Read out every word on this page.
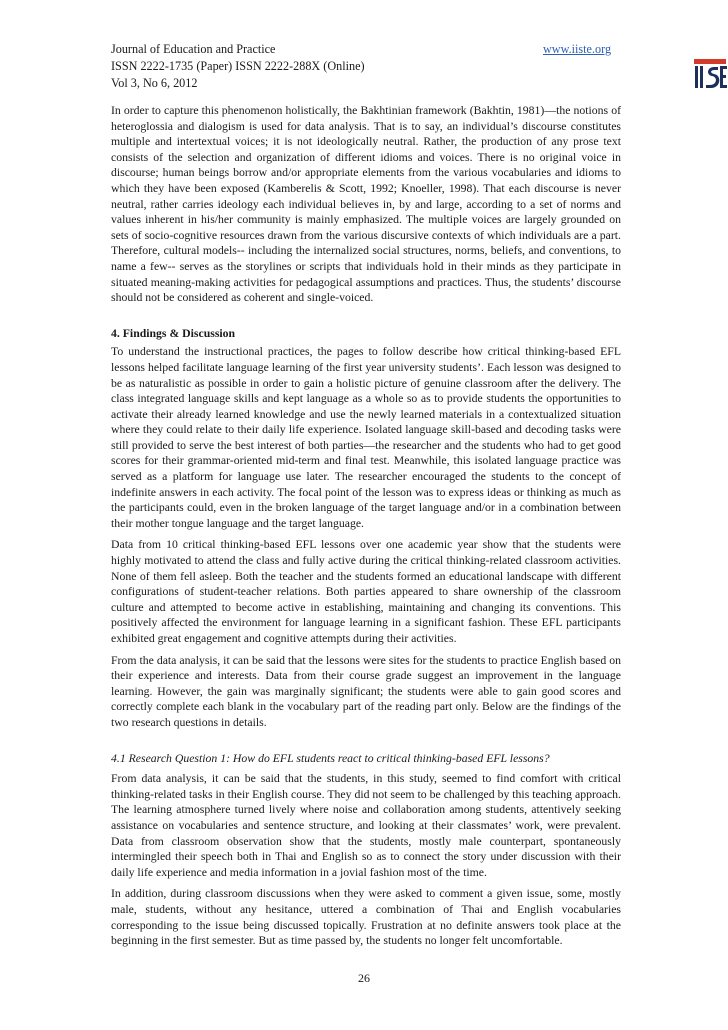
Journal of Education and Practice	www.iiste.org
ISSN 2222-1735 (Paper) ISSN 2222-288X (Online)
Vol 3, No 6, 2012

In order to capture this phenomenon holistically, the Bakhtinian framework (Bakhtin, 1981)—the notions of heteroglossia and dialogism is used for data analysis. That is to say, an individual’s discourse constitutes multiple and intertextual voices; it is not ideologically neutral. Rather, the production of any prose text consists of the selection and organization of different idioms and voices. There is no original voice in discourse; human beings borrow and/or appropriate elements from the various vocabularies and idioms to which they have been exposed (Kamberelis & Scott, 1992; Knoeller, 1998). That each discourse is never neutral, rather carries ideology each individual believes in, by and large, according to a set of norms and values inherent in his/her community is mainly emphasized. The multiple voices are largely grounded on sets of socio-cognitive resources drawn from the various discursive contexts of which individuals are a part. Therefore, cultural models-- including the internalized social structures, norms, beliefs, and conventions, to name a few-- serves as the storylines or scripts that individuals hold in their minds as they participate in situated meaning-making activities for pedagogical assumptions and practices. Thus, the students’ discourse should not be considered as coherent and single-voiced.

4. Findings & Discussion

To understand the instructional practices, the pages to follow describe how critical thinking-based EFL lessons helped facilitate language learning of the first year university students’. Each lesson was designed to be as naturalistic as possible in order to gain a holistic picture of genuine classroom after the delivery. The class integrated language skills and kept language as a whole so as to provide students the opportunities to activate their already learned knowledge and use the newly learned materials in a contextualized situation where they could relate to their daily life experience. Isolated language skill-based and decoding tasks were still provided to serve the best interest of both parties—the researcher and the students who had to get good scores for their grammar-oriented mid-term and final test. Meanwhile, this isolated language practice was served as a platform for language use later. The researcher encouraged the students to the concept of indefinite answers in each activity. The focal point of the lesson was to express ideas or thinking as much as the participants could, even in the broken language of the target language and/or in a combination between their mother tongue language and the target language.

Data from 10 critical thinking-based EFL lessons over one academic year show that the students were highly motivated to attend the class and fully active during the critical thinking-related classroom activities. None of them fell asleep. Both the teacher and the students formed an educational landscape with different configurations of student-teacher relations. Both parties appeared to share ownership of the classroom culture and attempted to become active in establishing, maintaining and changing its conventions. This positively affected the environment for language learning in a significant fashion. These EFL participants exhibited great engagement and cognitive attempts during their activities.

From the data analysis, it can be said that the lessons were sites for the students to practice English based on their experience and interests. Data from their course grade suggest an improvement in the language learning. However, the gain was marginally significant; the students were able to gain good scores and correctly complete each blank in the vocabulary part of the reading part only. Below are the findings of the two research questions in details.

4.1 Research Question 1: How do EFL students react to critical thinking-based EFL lessons?

From data analysis, it can be said that the students, in this study, seemed to find comfort with critical thinking-related tasks in their English course. They did not seem to be challenged by this teaching approach. The learning atmosphere turned lively where noise and collaboration among students, attentively seeking assistance on vocabularies and sentence structure, and looking at their classmates’ work, were prevalent. Data from classroom observation show that the students, mostly male counterpart, spontaneously intermingled their speech both in Thai and English so as to connect the story under discussion with their daily life experience and media information in a jovial fashion most of the time.

In addition, during classroom discussions when they were asked to comment a given issue, some, mostly male, students, without any hesitance, uttered a combination of Thai and English vocabularies corresponding to the issue being discussed topically. Frustration at no definite answers took place at the beginning in the first semester. But as time passed by, the students no longer felt uncomfortable.

26
